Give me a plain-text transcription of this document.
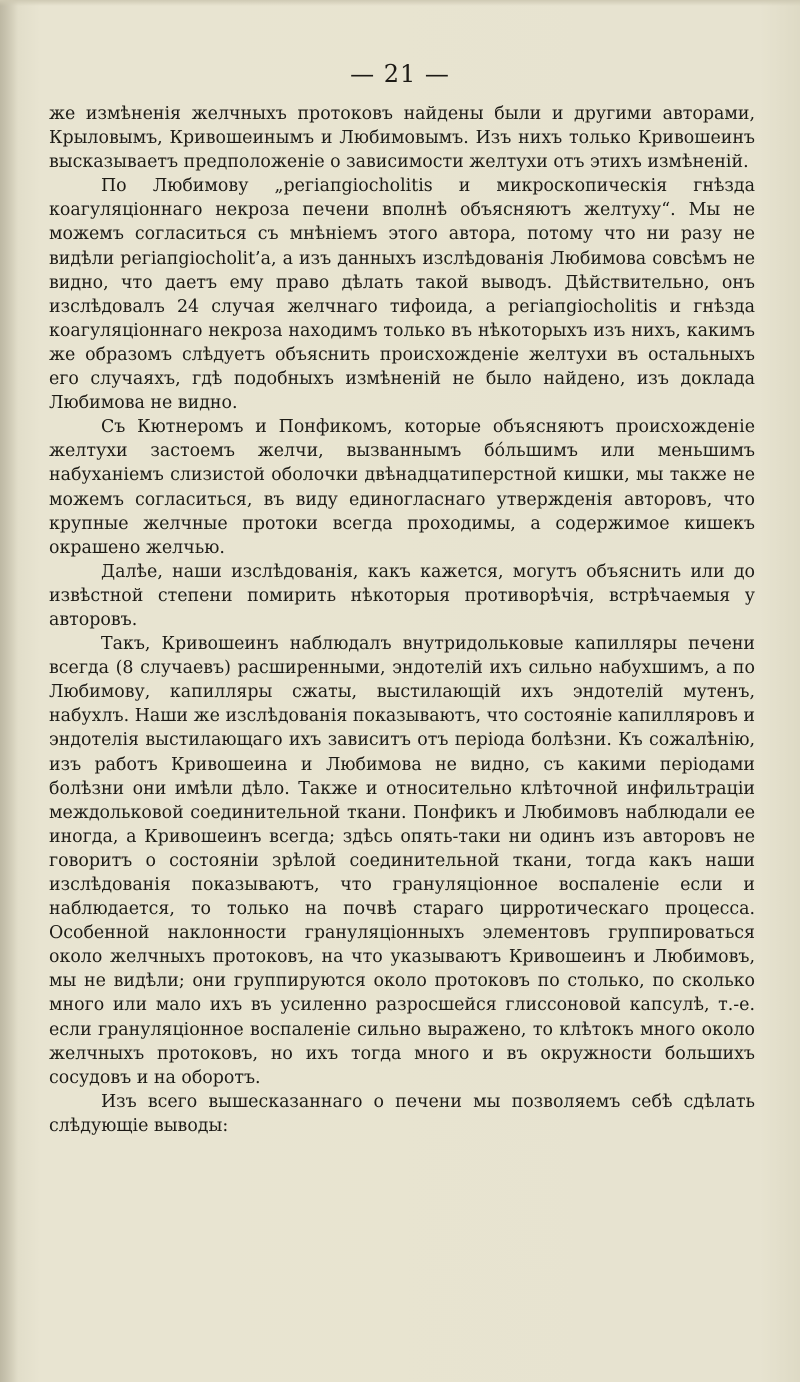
— 21 —

же измѣненія желчныхъ протоковъ найдены были и другими авторами, Крыловымъ, Кривошеинымъ и Любимовымъ. Изъ нихъ только Кривошеинъ высказываетъ предположеніе о зависимости желтухи отъ этихъ измѣненій.

По Любимову „регіапgіосholitis и микроскопическія гнѣзда коагуляціоннаго некроза печени вполнѣ объясняютъ желтуху“. Мы не можемъ согласиться съ мнѣніемъ этого автора, потому что ни разу не видѣли регіапgіосholit’а, а изъ данныхъ изслѣдованія Любимова совсѣмъ не видно, что даетъ ему право дѣлать такой выводъ. Дѣйствительно, онъ изслѣдовалъ 24 случая желчнаго тифоида, а регіапgіосholitis и гнѣзда коагуляціоннаго некроза находимъ только въ нѣкоторыхъ изъ нихъ, какимъ же образомъ слѣдуетъ объяснить происхожденіе желтухи въ остальныхъ его случаяхъ, гдѣ подобныхъ измѣненій не было найдено, изъ доклада Любимова не видно.

Съ Кютнеромъ и Понфикомъ, которые объясняютъ происхожденіе желтухи застоемъ желчи, вызваннымъ бо́льшимъ или меньшимъ набуханіемъ слизистой оболочки двѣнадцатиперстной кишки, мы также не можемъ согласиться, въ виду единогласнаго утвержденія авторовъ, что крупные желчные протоки всегда проходимы, а содержимое кишекъ окрашено желчью.

Далѣе, наши изслѣдованія, какъ кажется, могутъ объяснить или до извѣстной степени помирить нѣкоторыя противорѣчія, встрѣчаемыя у авторовъ.

Такъ, Кривошеинъ наблюдалъ внутридольковые капилляры печени всегда (8 случаевъ) расширенными, эндотелій ихъ сильно набухшимъ, а по Любимову, капилляры сжаты, выстилающій ихъ эндотелій мутенъ, набухлъ. Наши же изслѣдованія показываютъ, что состояніе капилляровъ и эндотелія выстилающаго ихъ зависитъ отъ періода болѣзни. Къ сожалѣнію, изъ работъ Кривошеина и Любимова не видно, съ какими періодами болѣзни они имѣли дѣло. Также и относительно клѣточной инфильтраціи междольковой соединительной ткани. Понфикъ и Любимовъ наблюдали ее иногда, а Кривошеинъ всегда; здѣсь опять-таки ни одинъ изъ авторовъ не говоритъ о состояніи зрѣлой соединительной ткани, тогда какъ наши изслѣдованія показываютъ, что грануляціонное воспаленіе если и наблюдается, то только на почвѣ стараго цирротическаго процесса. Особенной наклонности грануляціонныхъ элементовъ группироваться около желчныхъ протоковъ, на что указываютъ Кривошеинъ и Любимовъ, мы не видѣли; они группируются около протоковъ по столько, по сколько много или мало ихъ въ усиленно разросшейся глиссоновой капсулѣ, т.-е. если грануляціонное воспаленіе сильно выражено, то клѣтокъ много около желчныхъ протоковъ, но ихъ тогда много и въ окружности большихъ сосудовъ и на оборотъ.

Изъ всего вышесказаннаго о печени мы позволяемъ себѣ сдѣлать слѣдующіе выводы:
